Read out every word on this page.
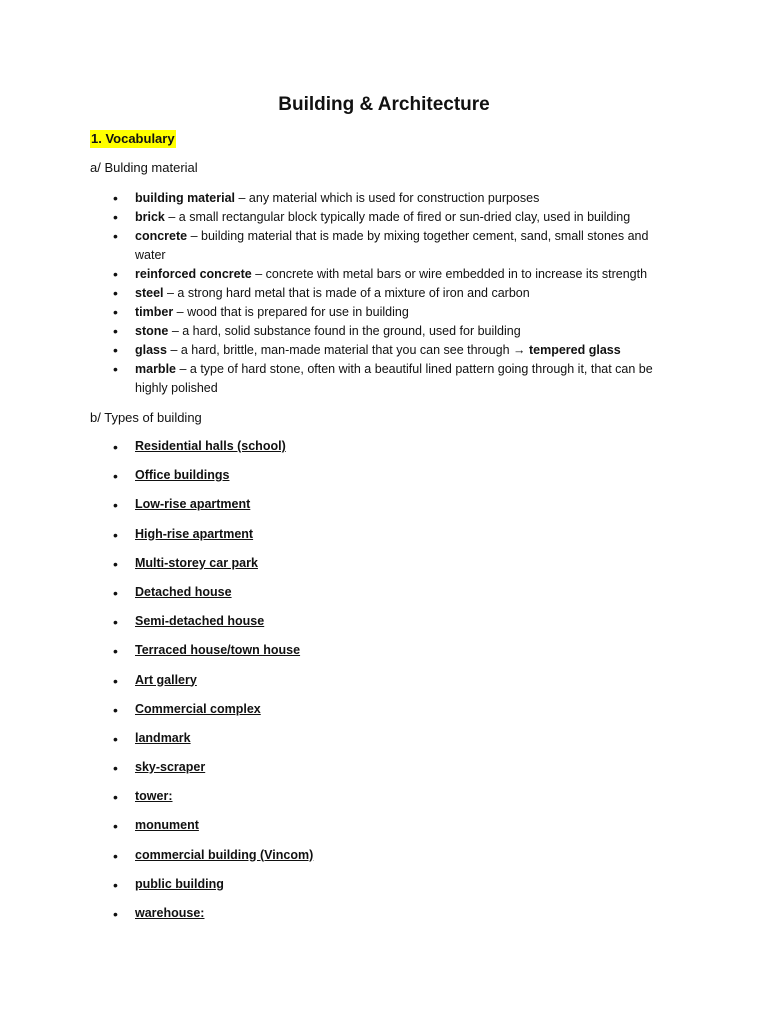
Building & Architecture
1. Vocabulary
a/ Bulding material
• building material – any material which is used for construction purposes
• brick – a small rectangular block typically made of fired or sun-dried clay, used in building
• concrete – building material that is made by mixing together cement, sand, small stones and water
• reinforced concrete – concrete with metal bars or wire embedded in to increase its strength
• steel – a strong hard metal that is made of a mixture of iron and carbon
• timber – wood that is prepared for use in building
• stone – a hard, solid substance found in the ground, used for building
• glass – a hard, brittle, man-made material that you can see through → tempered glass
• marble – a type of hard stone, often with a beautiful lined pattern going through it, that can be highly polished
b/ Types of building
• Residential halls (school)
• Office buildings
• Low-rise apartment
• High-rise apartment
• Multi-storey car park
• Detached house
• Semi-detached house
• Terraced house/town house
• Art gallery
• Commercial complex
• landmark
• sky-scraper
• tower:
• monument
• commercial building (Vincom)
• public building
• warehouse:
